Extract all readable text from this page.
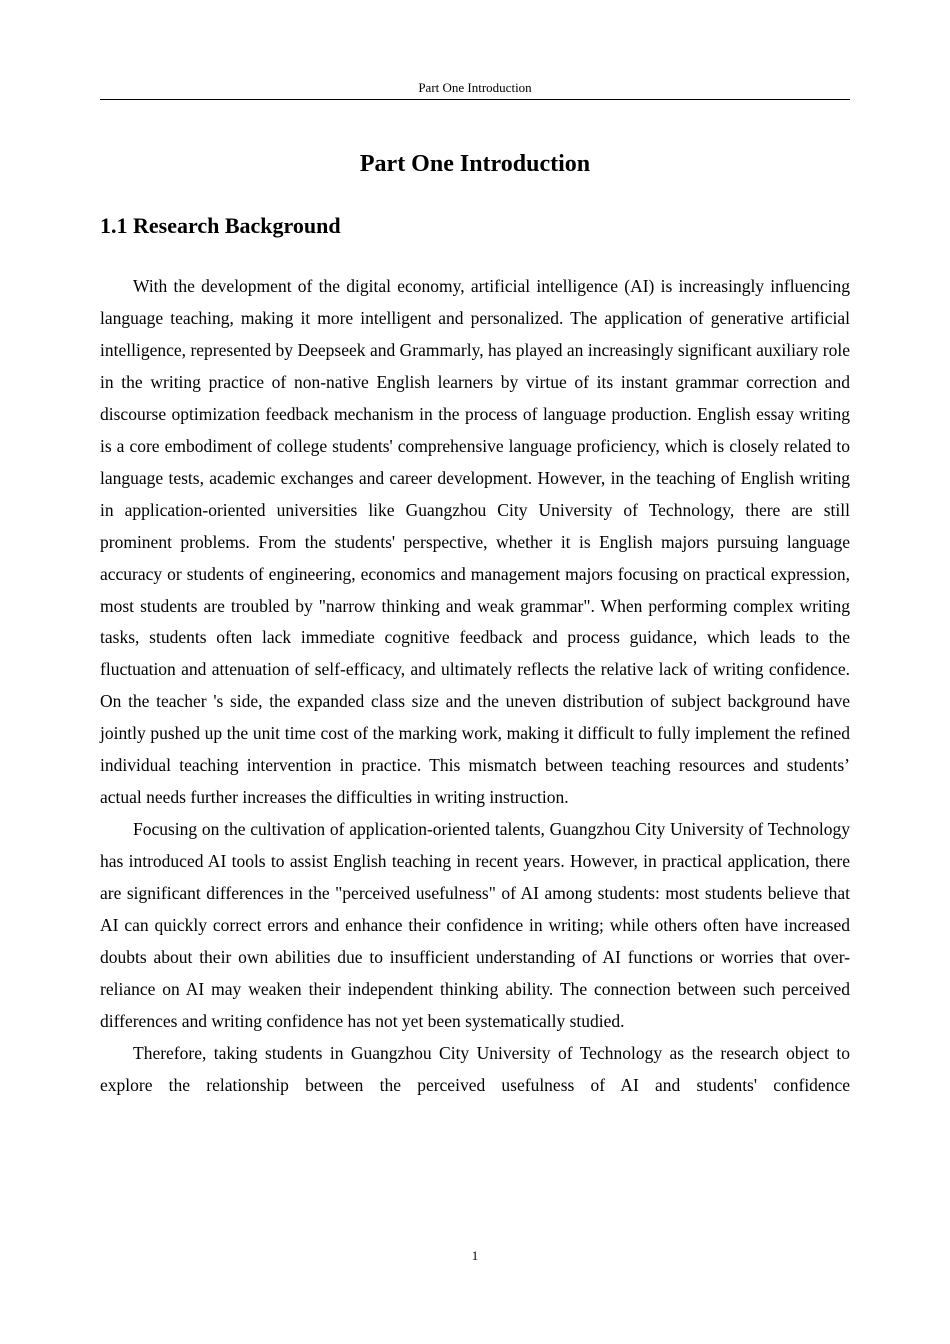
Part One Introduction
Part One Introduction
1.1 Research Background

With the development of the digital economy, artificial intelligence (AI) is increasingly influencing language teaching, making it more intelligent and personalized. The application of generative artificial intelligence, represented by Deepseek and Grammarly, has played an increasingly significant auxiliary role in the writing practice of non-native English learners by virtue of its instant grammar correction and discourse optimization feedback mechanism in the process of language production. English essay writing is a core embodiment of college students' comprehensive language proficiency, which is closely related to language tests, academic exchanges and career development. However, in the teaching of English writing in application-oriented universities like Guangzhou City University of Technology, there are still prominent problems. From the students' perspective, whether it is English majors pursuing language accuracy or students of engineering, economics and management majors focusing on practical expression, most students are troubled by "narrow thinking and weak grammar". When performing complex writing tasks, students often lack immediate cognitive feedback and process guidance, which leads to the fluctuation and attenuation of self-efficacy, and ultimately reflects the relative lack of writing confidence. On the teacher 's side, the expanded class size and the uneven distribution of subject background have jointly pushed up the unit time cost of the marking work, making it difficult to fully implement the refined individual teaching intervention in practice. This mismatch between teaching resources and students’ actual needs further increases the difficulties in writing instruction.

Focusing on the cultivation of application-oriented talents, Guangzhou City University of Technology has introduced AI tools to assist English teaching in recent years. However, in practical application, there are significant differences in the "perceived usefulness" of AI among students: most students believe that AI can quickly correct errors and enhance their confidence in writing; while others often have increased doubts about their own abilities due to insufficient understanding of AI functions or worries that over-reliance on AI may weaken their independent thinking ability. The connection between such perceived differences and writing confidence has not yet been systematically studied.

Therefore, taking students in Guangzhou City University of Technology as the research object to explore the relationship between the perceived usefulness of AI and students' confidence

1
